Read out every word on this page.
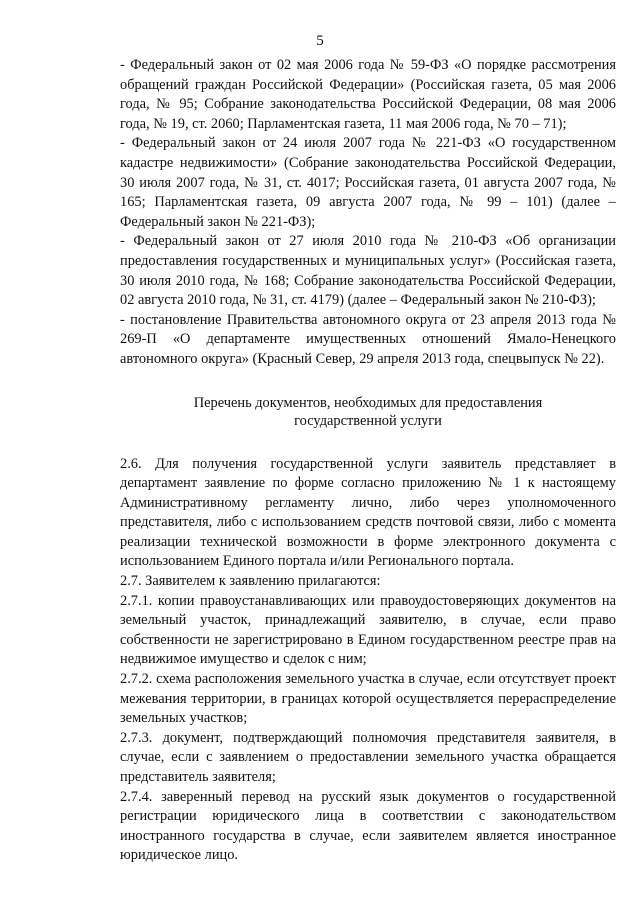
5

- Федеральный закон от 02 мая 2006 года № 59-ФЗ «О порядке рассмотрения обращений граждан Российской Федерации» (Российская газета, 05 мая 2006 года, № 95; Собрание законодательства Российской Федерации, 08 мая 2006 года, № 19, ст. 2060; Парламентская газета, 11 мая 2006 года, № 70 – 71);

- Федеральный закон от 24 июля 2007 года № 221-ФЗ «О государственном кадастре недвижимости» (Собрание законодательства Российской Федерации, 30 июля 2007 года, № 31, ст. 4017; Российская газета, 01 августа 2007 года, № 165; Парламентская газета, 09 августа 2007 года, № 99 – 101) (далее – Федеральный закон № 221-ФЗ);

- Федеральный закон от 27 июля 2010 года № 210-ФЗ «Об организации предоставления государственных и муниципальных услуг» (Российская газета, 30 июля 2010 года, № 168; Собрание законодательства Российской Федерации, 02 августа 2010 года, № 31, ст. 4179) (далее – Федеральный закон № 210-ФЗ);

- постановление Правительства автономного округа от 23 апреля 2013 года № 269-П «О департаменте имущественных отношений Ямало-Ненецкого автономного округа» (Красный Север, 29 апреля 2013 года, спецвыпуск № 22).

Перечень документов, необходимых для предоставления
государственной услуги

2.6. Для получения государственной услуги заявитель представляет в департамент заявление по форме согласно приложению № 1 к настоящему Административному регламенту лично, либо через уполномоченного представителя, либо с использованием средств почтовой связи, либо с момента реализации технической возможности в форме электронного документа с использованием Единого портала и/или Регионального портала.

2.7. Заявителем к заявлению прилагаются:

2.7.1. копии правоустанавливающих или правоудостоверяющих документов на земельный участок, принадлежащий заявителю, в случае, если право собственности не зарегистрировано в Едином государственном реестре прав на недвижимое имущество и сделок с ним;

2.7.2. схема расположения земельного участка в случае, если отсутствует проект межевания территории, в границах которой осуществляется перераспределение земельных участков;

2.7.3. документ, подтверждающий полномочия представителя заявителя, в случае, если с заявлением о предоставлении земельного участка обращается представитель заявителя;

2.7.4. заверенный перевод на русский язык документов о государственной регистрации юридического лица в соответствии с законодательством иностранного государства в случае, если заявителем является иностранное юридическое лицо.
